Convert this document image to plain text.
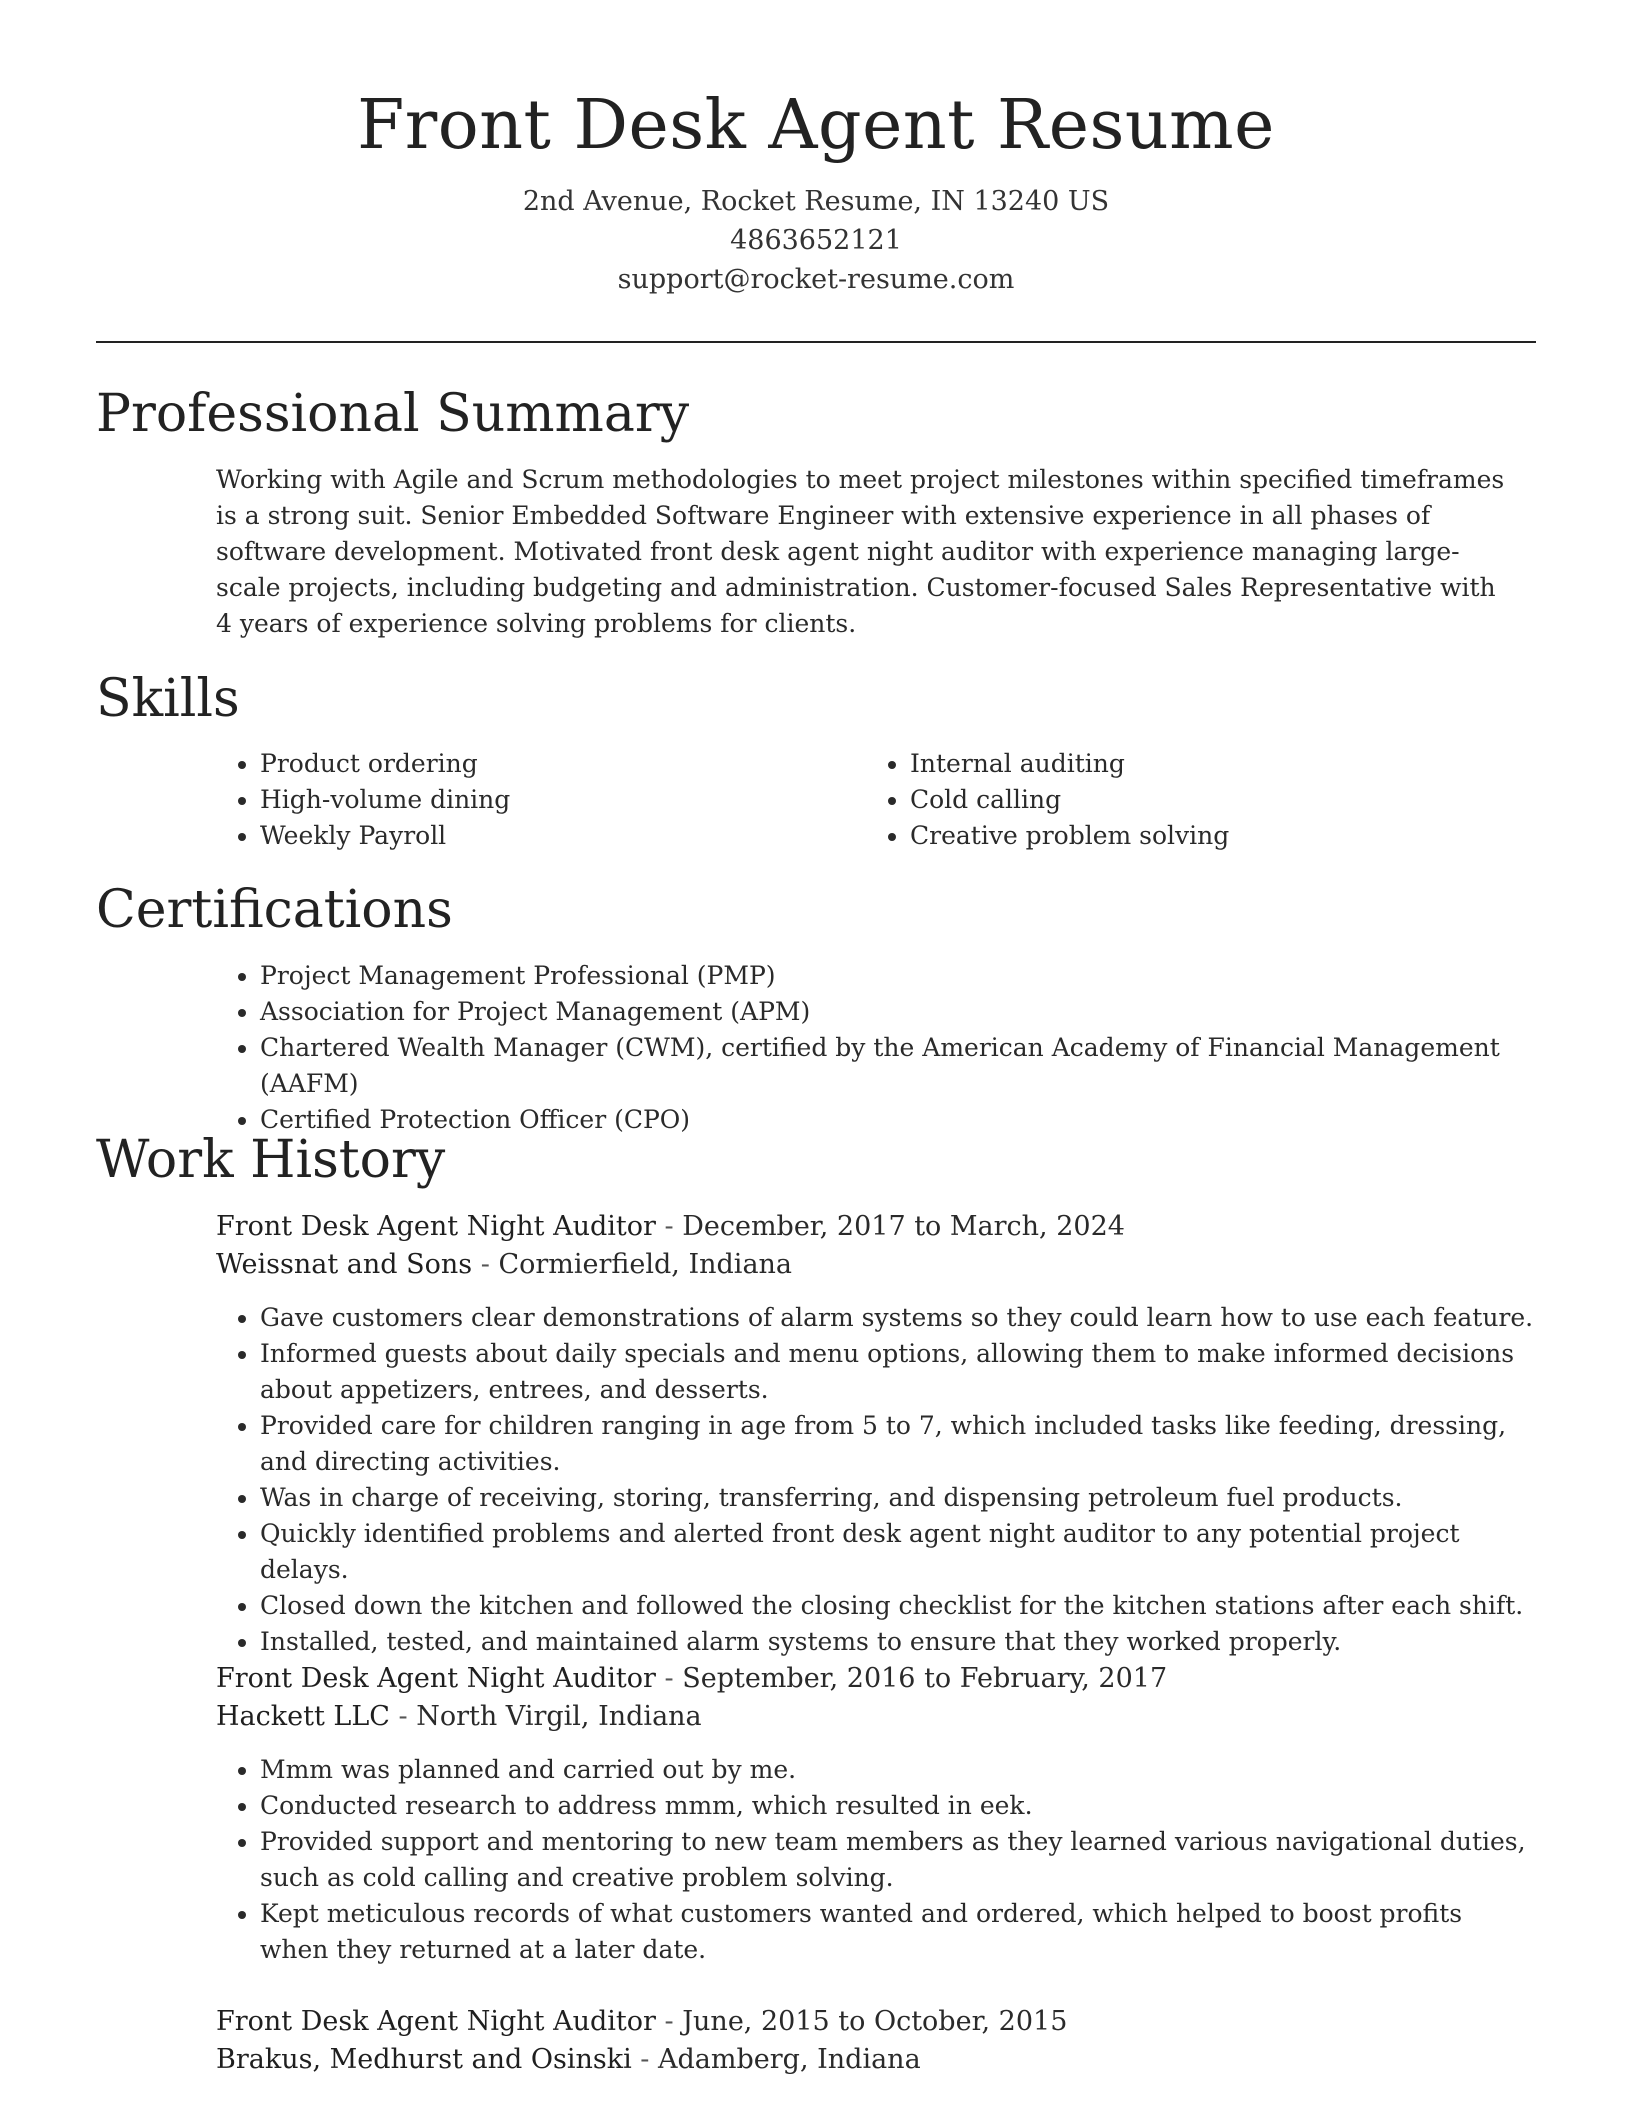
Front Desk Agent Resume
2nd Avenue, Rocket Resume, IN 13240 US
4863652121
support@rocket-resume.com
Professional Summary

Working with Agile and Scrum methodologies to meet project milestones within specified timeframes is a strong suit. Senior Embedded Software Engineer with extensive experience in all phases of software development. Motivated front desk agent night auditor with experience managing large-scale projects, including budgeting and administration. Customer-focused Sales Representative with 4 years of experience solving problems for clients.

Skills
• Product ordering
• High-volume dining
• Weekly Payroll
• Internal auditing
• Cold calling
• Creative problem solving
Certifications
• Project Management Professional (PMP)
• Association for Project Management (APM)
• Chartered Wealth Manager (CWM), certified by the American Academy of Financial Management (AAFM)
• Certified Protection Officer (CPO)
Work History
Front Desk Agent Night Auditor - December, 2017 to March, 2024
Weissnat and Sons - Cormierfield, Indiana
• Gave customers clear demonstrations of alarm systems so they could learn how to use each feature.
• Informed guests about daily specials and menu options, allowing them to make informed decisions about appetizers, entrees, and desserts.
• Provided care for children ranging in age from 5 to 7, which included tasks like feeding, dressing, and directing activities.
• Was in charge of receiving, storing, transferring, and dispensing petroleum fuel products.
• Quickly identified problems and alerted front desk agent night auditor to any potential project delays.
• Closed down the kitchen and followed the closing checklist for the kitchen stations after each shift.
• Installed, tested, and maintained alarm systems to ensure that they worked properly.
Front Desk Agent Night Auditor - September, 2016 to February, 2017
Hackett LLC - North Virgil, Indiana
• Mmm was planned and carried out by me.
• Conducted research to address mmm, which resulted in eek.
• Provided support and mentoring to new team members as they learned various navigational duties, such as cold calling and creative problem solving.
• Kept meticulous records of what customers wanted and ordered, which helped to boost profits when they returned at a later date.
Front Desk Agent Night Auditor - June, 2015 to October, 2015
Brakus, Medhurst and Osinski - Adamberg, Indiana
